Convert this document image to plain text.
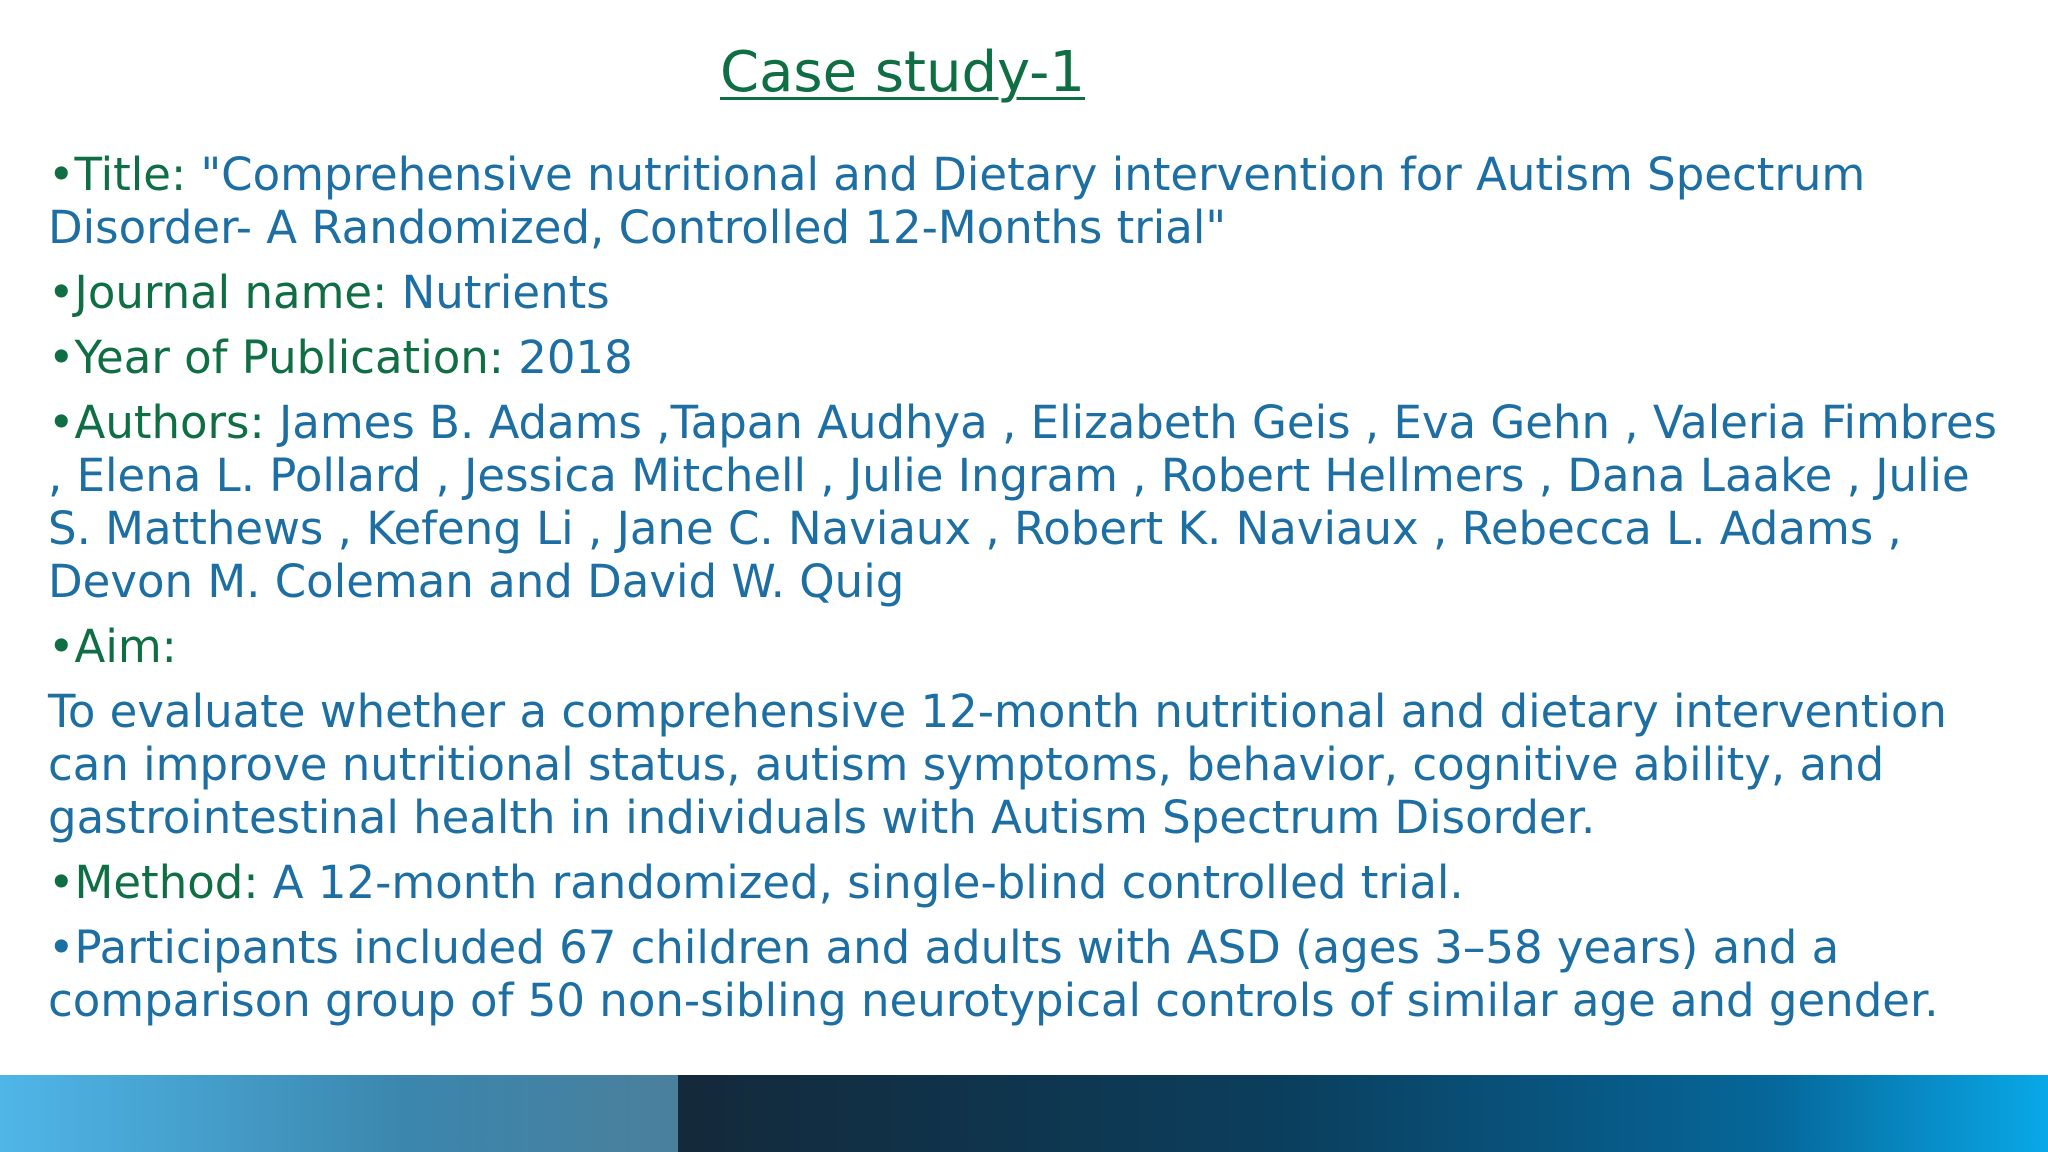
Case study-1

•Title: "Comprehensive nutritional and Dietary intervention for Autism Spectrum Disorder- A Randomized, Controlled 12-Months trial"

•Journal name: Nutrients

•Year of Publication: 2018

•Authors: James B. Adams ,Tapan Audhya , Elizabeth Geis , Eva Gehn , Valeria Fimbres , Elena L. Pollard , Jessica Mitchell , Julie Ingram , Robert Hellmers , Dana Laake , Julie S. Matthews , Kefeng Li , Jane C. Naviaux , Robert K. Naviaux , Rebecca L. Adams , Devon M. Coleman and David W. Quig

•Aim:

To evaluate whether a comprehensive 12-month nutritional and dietary intervention can improve nutritional status, autism symptoms, behavior, cognitive ability, and gastrointestinal health in individuals with Autism Spectrum Disorder.

•Method: A 12-month randomized, single-blind controlled trial.

•Participants included 67 children and adults with ASD (ages 3–58 years) and a comparison group of 50 non-sibling neurotypical controls of similar age and gender.
